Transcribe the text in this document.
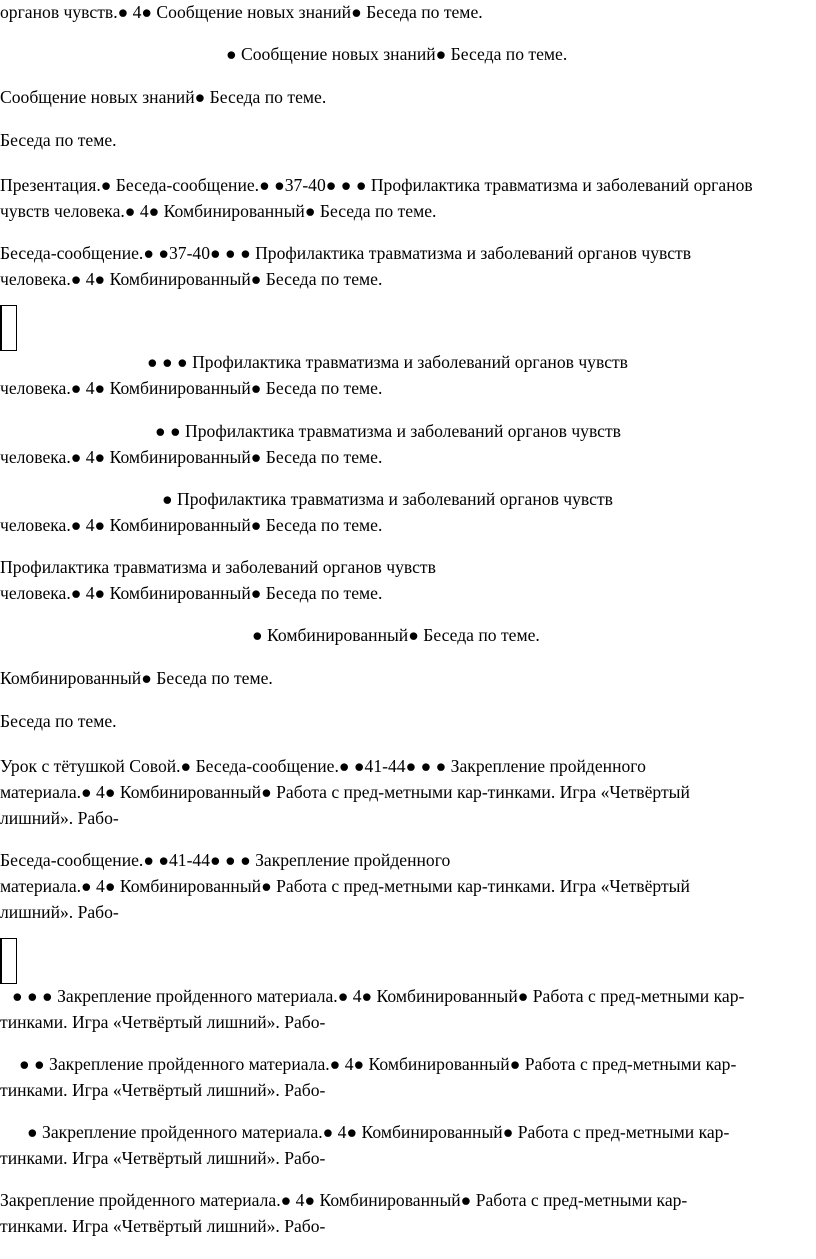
органов чувств.● 4● Сообщение новых знаний● Беседа по теме.
● Сообщение новых знаний● Беседа по теме.
Сообщение новых знаний● Беседа по теме.
Беседа по теме.
Презентация.● Беседа-сообщение.● ●37-40● ● ● Профилактика травматизма и заболеваний органов
чувств человека.● 4● Комбинированный● Беседа по теме.
Беседа-сообщение.● ●37-40● ● ● Профилактика травматизма и заболеваний органов чувств
человека.● 4● Комбинированный● Беседа по теме.
● ● ● Профилактика травматизма и заболеваний органов чувств
человека.● 4● Комбинированный● Беседа по теме.
● ● Профилактика травматизма и заболеваний органов чувств
человека.● 4● Комбинированный● Беседа по теме.
● Профилактика травматизма и заболеваний органов чувств
человека.● 4● Комбинированный● Беседа по теме.
Профилактика травматизма и заболеваний органов чувств
человека.● 4● Комбинированный● Беседа по теме.
● Комбинированный● Беседа по теме.
Комбинированный● Беседа по теме.
Беседа по теме.
Урок с тётушкой Совой.● Беседа-сообщение.● ●41-44● ● ● Закрепление пройденного
материала.● 4● Комбинированный● Работа с пред-метными кар-тинками. Игра «Четвёртый
лишний». Рабо-
Беседа-сообщение.● ●41-44● ● ● Закрепление пройденного
материала.● 4● Комбинированный● Работа с пред-метными кар-тинками. Игра «Четвёртый
лишний». Рабо-
● ● ● Закрепление пройденного материала.● 4● Комбинированный● Работа с пред-метными кар-
тинками. Игра «Четвёртый лишний». Рабо-
● ● Закрепление пройденного материала.● 4● Комбинированный● Работа с пред-метными кар-
тинками. Игра «Четвёртый лишний». Рабо-
● Закрепление пройденного материала.● 4● Комбинированный● Работа с пред-метными кар-
тинками. Игра «Четвёртый лишний». Рабо-
Закрепление пройденного материала.● 4● Комбинированный● Работа с пред-метными кар-
тинками. Игра «Четвёртый лишний». Рабо-
